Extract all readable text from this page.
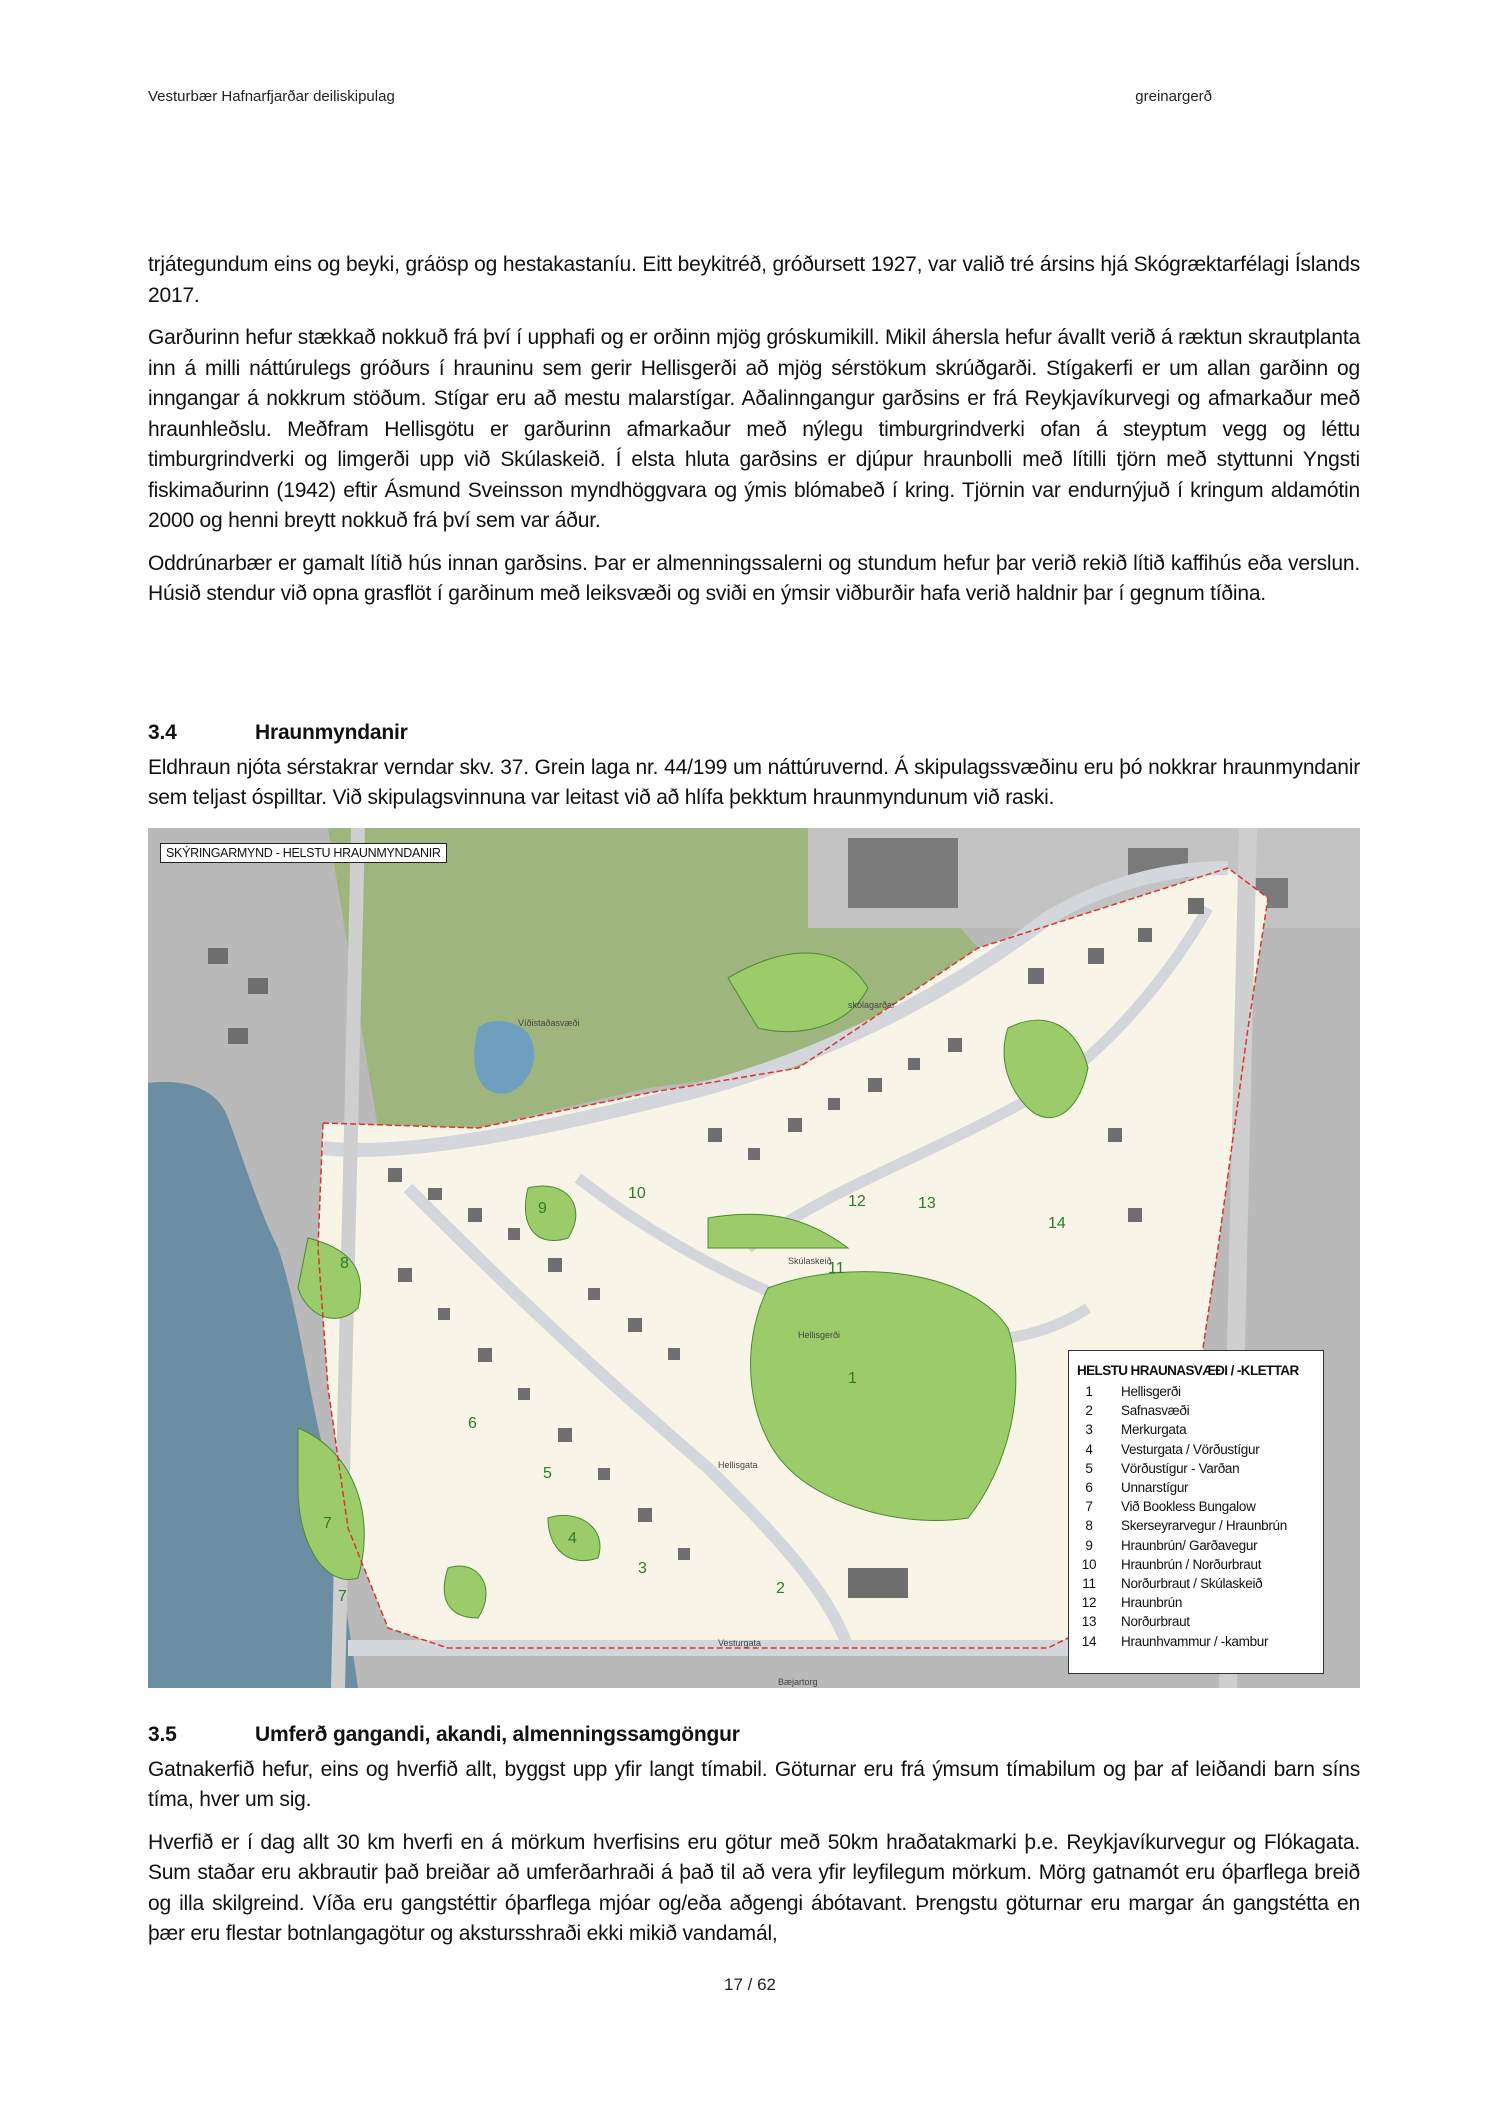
Vesturbær Hafnarfjarðar deiliskipulag	greinargerð

trjátegundum eins og beyki, gráösp og hestakastaníu. Eitt beykitréð, gróðursett 1927, var valið tré ársins hjá Skógræktarfélagi Íslands 2017.

Garðurinn hefur stækkað nokkuð frá því í upphafi og er orðinn mjög gróskumikill. Mikil áhersla hefur ávallt verið á ræktun skrautplanta inn á milli náttúrulegs gróðurs í hrauninu sem gerir Hellisgerði að mjög sérstökum skrúðgarði. Stígakerfi er um allan garðinn og inngangar á nokkrum stöðum. Stígar eru að mestu malarstígar. Aðalinngangur garðsins er frá Reykjavíkurvegi og afmarkaður með hraunhleðslu. Meðfram Hellisgötu er garðurinn afmarkaður með nýlegu timburgrindverki ofan á steyptum vegg og léttu timburgrindverki og limgerði upp við Skúlaskeið. Í elsta hluta garðsins er djúpur hraunbolli með lítilli tjörn með styttunni Yngsti fiskimaðurinn (1942) eftir Ásmund Sveinsson myndhöggvara og ýmis blómabeð í kring. Tjörnin var endurnýjuð í kringum aldamótin 2000 og henni breytt nokkuð frá því sem var áður.

Oddrúnarbær er gamalt lítið hús innan garðsins. Þar er almenningssalerni og stundum hefur þar verið rekið lítið kaffihús eða verslun. Húsið stendur við opna grasflöt í garðinum með leiksvæði og sviði en ýmsir viðburðir hafa verið haldnir þar í gegnum tíðina.

3.4	Hraunmyndanir

Eldhraun njóta sérstakrar verndar skv. 37. Grein laga nr. 44/199 um náttúruvernd. Á skipulagssvæðinu eru þó nokkrar hraunmyndanir sem teljast óspilltar. Við skipulagsvinnuna var leitast við að hlífa þekktum hraunmyndunum við raski.

1
2
3
4
5
6
7
7
8
9
10
11
12	13
14
Víðistaðasvæði
skólagarðar
Skúlaskeið
Hellisgata
Vesturgata
Hellisgerði
Bæjartorg
SKÝRINGARMYND - HELSTU HRAUNMYNDANIR
HELSTU HRAUNASVÆÐI / -KLETTAR
1	Hellisgerði
2	Safnasvæði
3	Merkurgata
4	Vesturgata / Vörðustígur
5	Vörðustígur - Varðan
6	Unnarstígur
7	Við Bookless Bungalow
8	Skerseyrarvegur / Hraunbrún
9	Hraunbrún/ Garðavegur
10	Hraunbrún / Norðurbraut
11	Norðurbraut / Skúlaskeið
12	Hraunbrún
13	Norðurbraut
14	Hraunhvammur / -kambur
3.5	Umferð gangandi, akandi, almenningssamgöngur

Gatnakerfið hefur, eins og hverfið allt, byggst upp yfir langt tímabil. Göturnar eru frá ýmsum tímabilum og þar af leiðandi barn síns tíma, hver um sig.

Hverfið er í dag allt 30 km hverfi en á mörkum hverfisins eru götur með 50km hraðatakmarki þ.e. Reykjavíkurvegur og Flókagata. Sum staðar eru akbrautir það breiðar að umferðarhraði á það til að vera yfir leyfilegum mörkum. Mörg gatnamót eru óþarflega breið og illa skilgreind. Víða eru gangstéttir óþarflega mjóar og/eða aðgengi ábótavant. Þrengstu göturnar eru margar án gangstétta en þær eru flestar botnlangagötur og akstursshraði ekki mikið vandamál,

17 / 62
